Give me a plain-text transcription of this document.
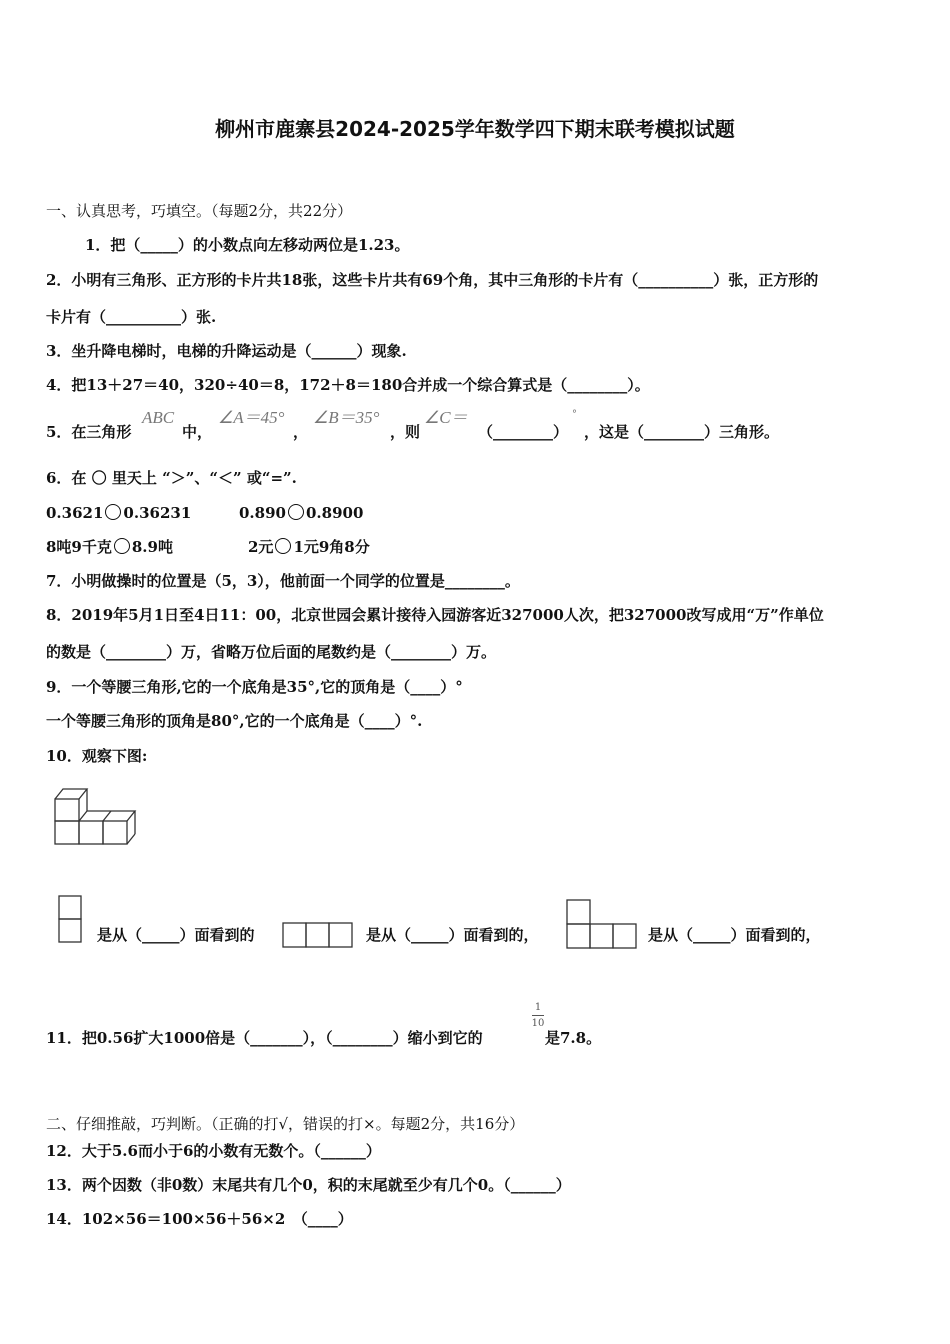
柳州市鹿寨县2024-2025学年数学四下期末联考模拟试题
一、认真思考，巧填空。（每题2分，共22分）
1．把（_____）的小数点向左移动两位是1.23。
2．小明有三角形、正方形的卡片共18张，这些卡片共有69个角，其中三角形的卡片有（__________）张，正方形的
卡片有（__________）张.
3．坐升降电梯时，电梯的升降运动是（______）现象.
4．把13＋27＝40，320÷40＝8，172＋8＝180合并成一个综合算式是（________）。
5．在三角形
ABC
中，
∠A＝45°
，
∠B＝35°
，则
∠C＝
（________）
°
，这是（________）三角形。
6．在 〇 里天上 “＞”、“＜” 或“=”.
0.3621 0.36231	0.890 0.8900
8吨9千克 8.9吨	2元 1元9角8分
7．小明做操时的位置是（5，3），他前面一个同学的位置是________。
8．2019年5月1日至4日11：00，北京世园会累计接待入园游客近327000人次，把327000改写成用“万”作单位
的数是（________）万，省略万位后面的尾数约是（________）万。
9．一个等腰三角形,它的一个底角是35°,它的顶角是（____）°
一个等腰三角形的顶角是80°,它的一个底角是（____）°.
10．观察下图:
是从（_____）面看到的	是从（_____）面看到的，	是从（_____）面看到的，
11．把0.56扩大1000倍是（_______），（________）缩小到它的
1
10
是7.8。
二、仔细推敲，巧判断。（正确的打√，错误的打×。每题2分，共16分）
12．大于5.6而小于6的小数有无数个。（______）
13．两个因数（非0数）末尾共有几个0，积的末尾就至少有几个0。（______）
14．102×56＝100×56＋56×2　（____）
